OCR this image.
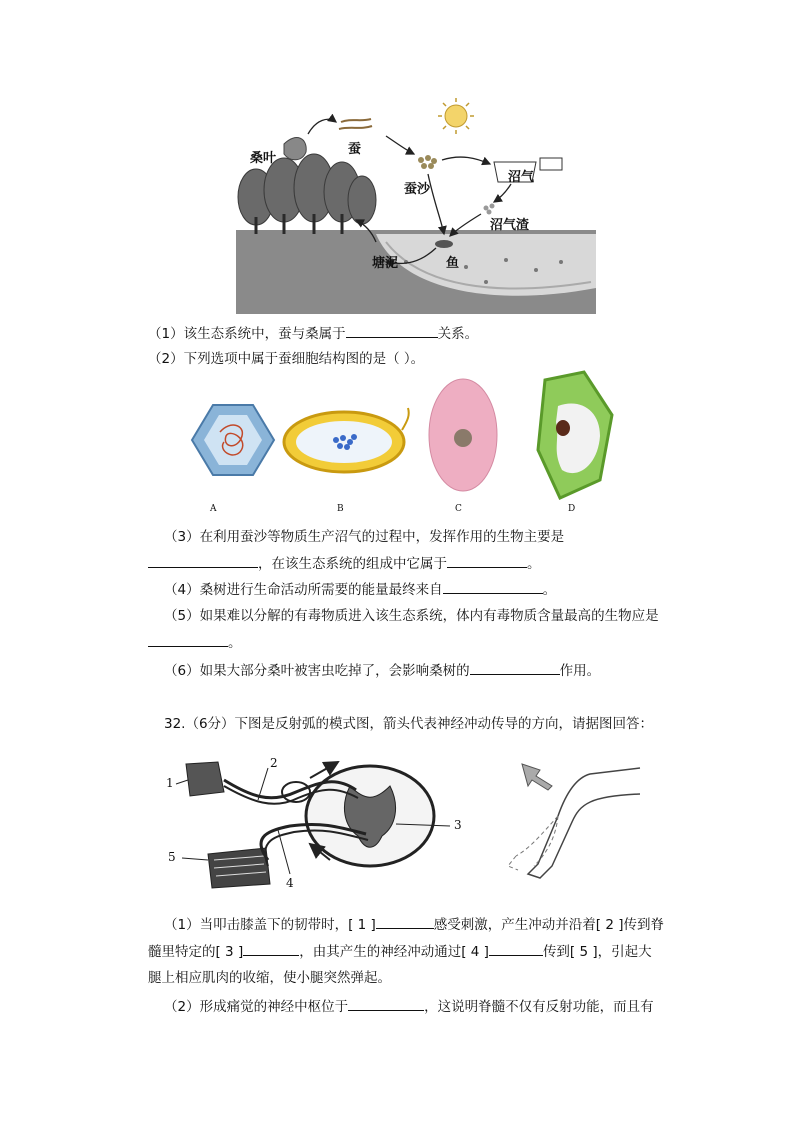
桑叶
蚕
蚕沙
沼气
沼气渣
塘泥	鱼
（1）该生态系统中，蚕与桑属于	关系。
（2）下列选项中属于蚕细胞结构图的是（ ）。
A	B	C	D
（3）在利用蚕沙等物质生产沼气的过程中，发挥作用的生物主要是
，在该生态系统的组成中它属于	。
（4）桑树进行生命活动所需要的能量最终来自	。
（5）如果难以分解的有毒物质进入该生态系统，体内有毒物质含量最高的生物应是
。
（6）如果大部分桑叶被害虫吃掉了，会影响桑树的	作用。
32.（6分）下图是反射弧的模式图，箭头代表神经冲动传导的方向，请据图回答：
1
2
3
4
5
（1）当叩击膝盖下的韧带时，[ 1 ]	感受刺激，产生冲动并沿着[ 2 ]传到脊
髓里特定的[ 3 ]	，由其产生的神经冲动通过[ 4 ]	传到[ 5 ]，引起大
腿上相应肌肉的收缩，使小腿突然弹起。
（2）形成痛觉的神经中枢位于	，这说明脊髓不仅有反射功能，而且有
